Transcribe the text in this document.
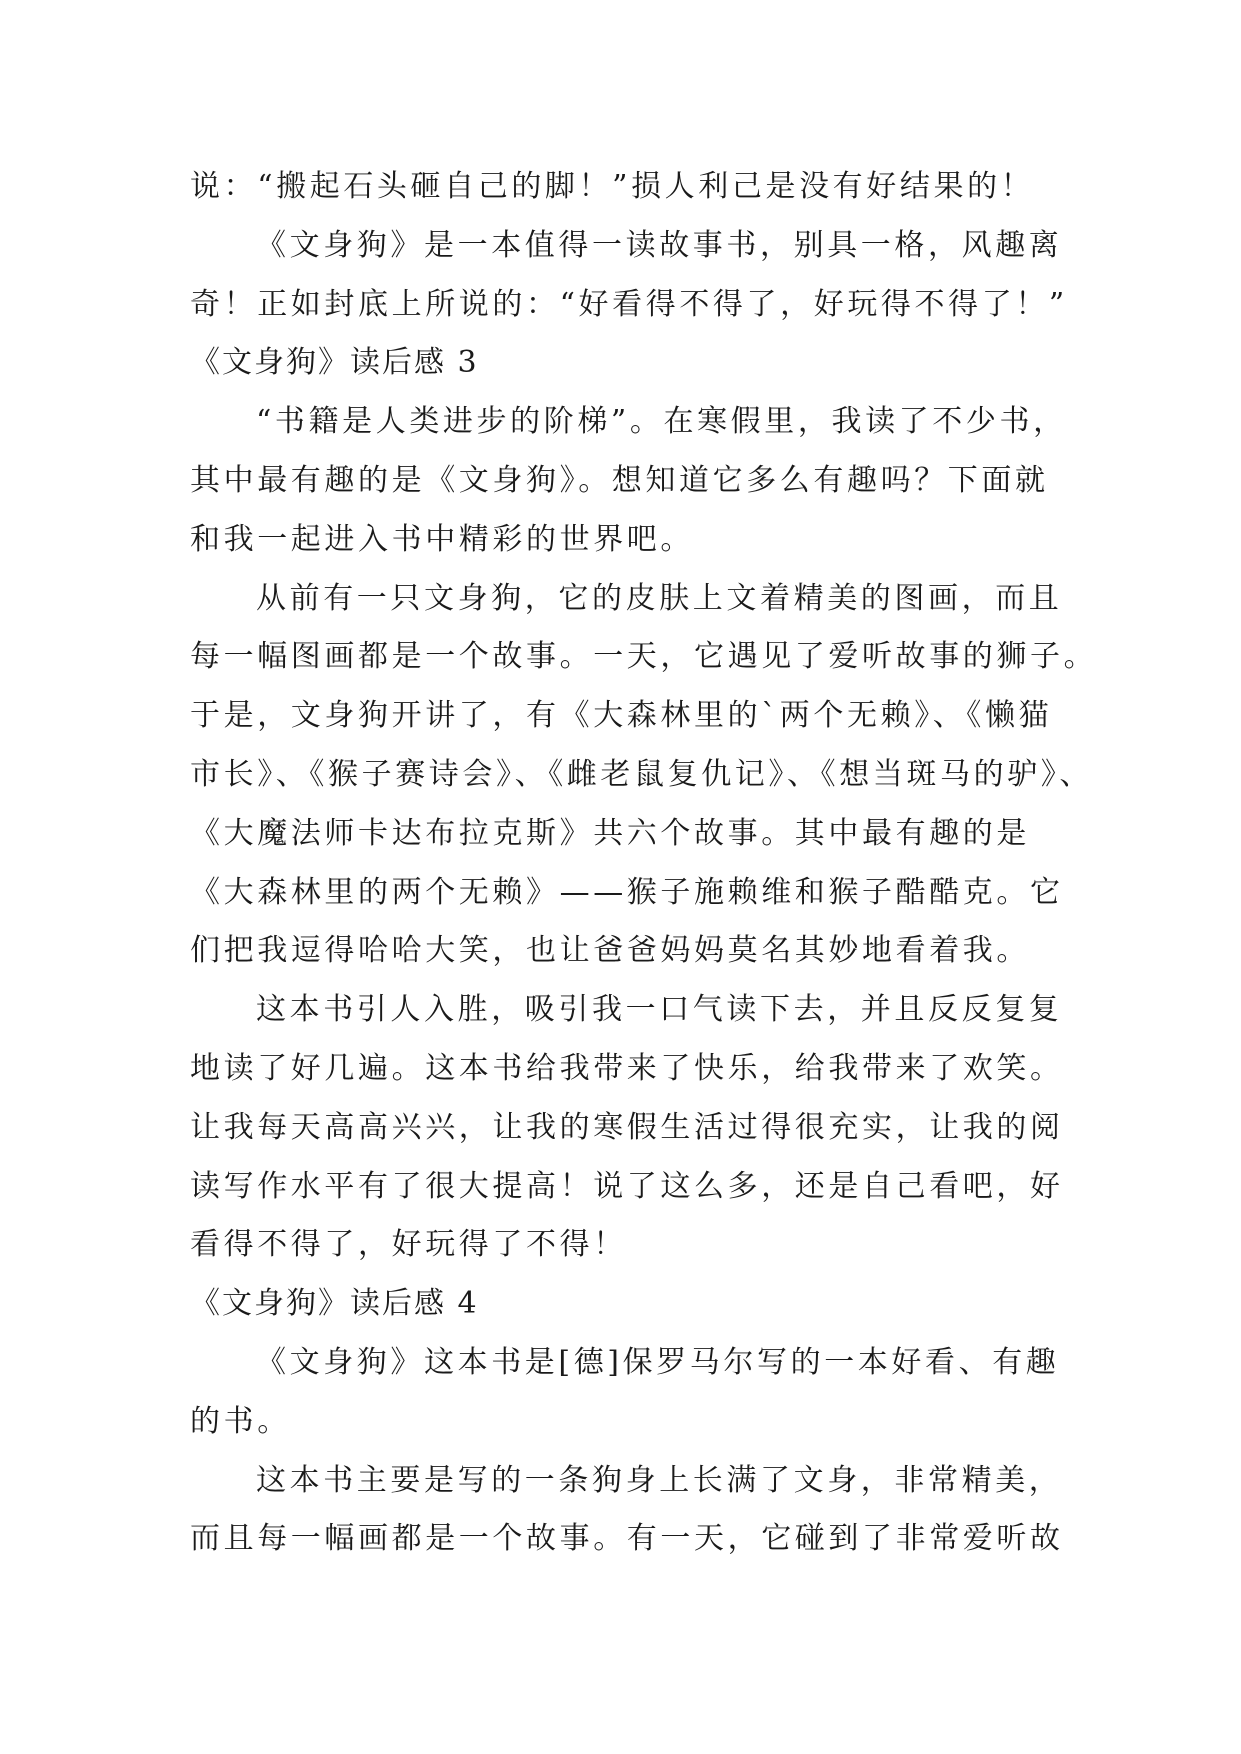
说：“搬起石头砸自己的脚！”损人利己是没有好结果的！
《文身狗》是一本值得一读故事书，别具一格，风趣离
奇！正如封底上所说的：“好看得不得了，好玩得不得了！”
《文身狗》读后感 3
“书籍是人类进步的阶梯”。在寒假里，我读了不少书，
其中最有趣的是《文身狗》。想知道它多么有趣吗？下面就
和我一起进入书中精彩的世界吧。
从前有一只文身狗，它的皮肤上文着精美的图画，而且
每一幅图画都是一个故事。一天，它遇见了爱听故事的狮子。
于是，文身狗开讲了，有《大森林里的`两个无赖》、《懒猫
市长》、《猴子赛诗会》、《雌老鼠复仇记》、《想当斑马的驴》、
《大魔法师卡达布拉克斯》共六个故事。其中最有趣的是
《大森林里的两个无赖》——猴子施赖维和猴子酷酷克。它
们把我逗得哈哈大笑，也让爸爸妈妈莫名其妙地看着我。
这本书引人入胜，吸引我一口气读下去，并且反反复复
地读了好几遍。这本书给我带来了快乐，给我带来了欢笑。
让我每天高高兴兴，让我的寒假生活过得很充实，让我的阅
读写作水平有了很大提高！说了这么多，还是自己看吧，好
看得不得了，好玩得了不得！
《文身狗》读后感 4
《文身狗》这本书是[德]保罗马尔写的一本好看、有趣
的书。
这本书主要是写的一条狗身上长满了文身，非常精美，
而且每一幅画都是一个故事。有一天，它碰到了非常爱听故
